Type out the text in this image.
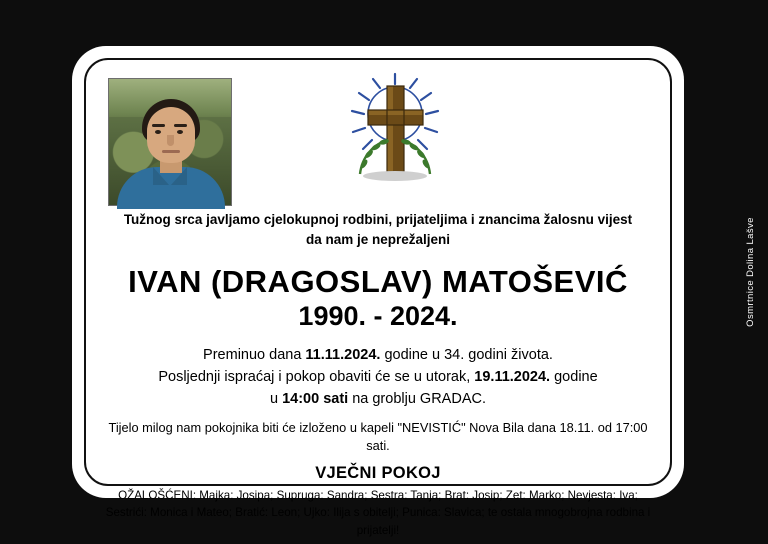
Tužnog srca javljamo cjelokupnoj rodbini, prijateljima i znancima žalosnu vijest
da nam je neprežaljeni
IVAN (DRAGOSLAV) MATOŠEVIĆ
1990. - 2024.
Preminuo dana 11.11.2024. godine u 34. godini života.
Posljednji ispraćaj i pokop obaviti će se u utorak, 19.11.2024. godine
u 14:00 sati na groblju GRADAC.
Tijelo milog nam pokojnika biti će izloženo u kapeli "NEVISTIĆ" Nova Bila dana 18.11. od 17:00 sati.
VJEČNI POKOJ
OŽALOŠĆENI: Majka: Josipa; Supruga: Sandra; Sestra: Tanja; Brat: Josip; Zet: Marko; Nevjesta: Iva;
Sestrići: Monica i Mateo; Bratić: Leon; Ujko: Ilija s obitelji; Punica: Slavica; te ostala mnogobrojna rodbina i prijatelji!
Osmrtnice Dolina Lašve
